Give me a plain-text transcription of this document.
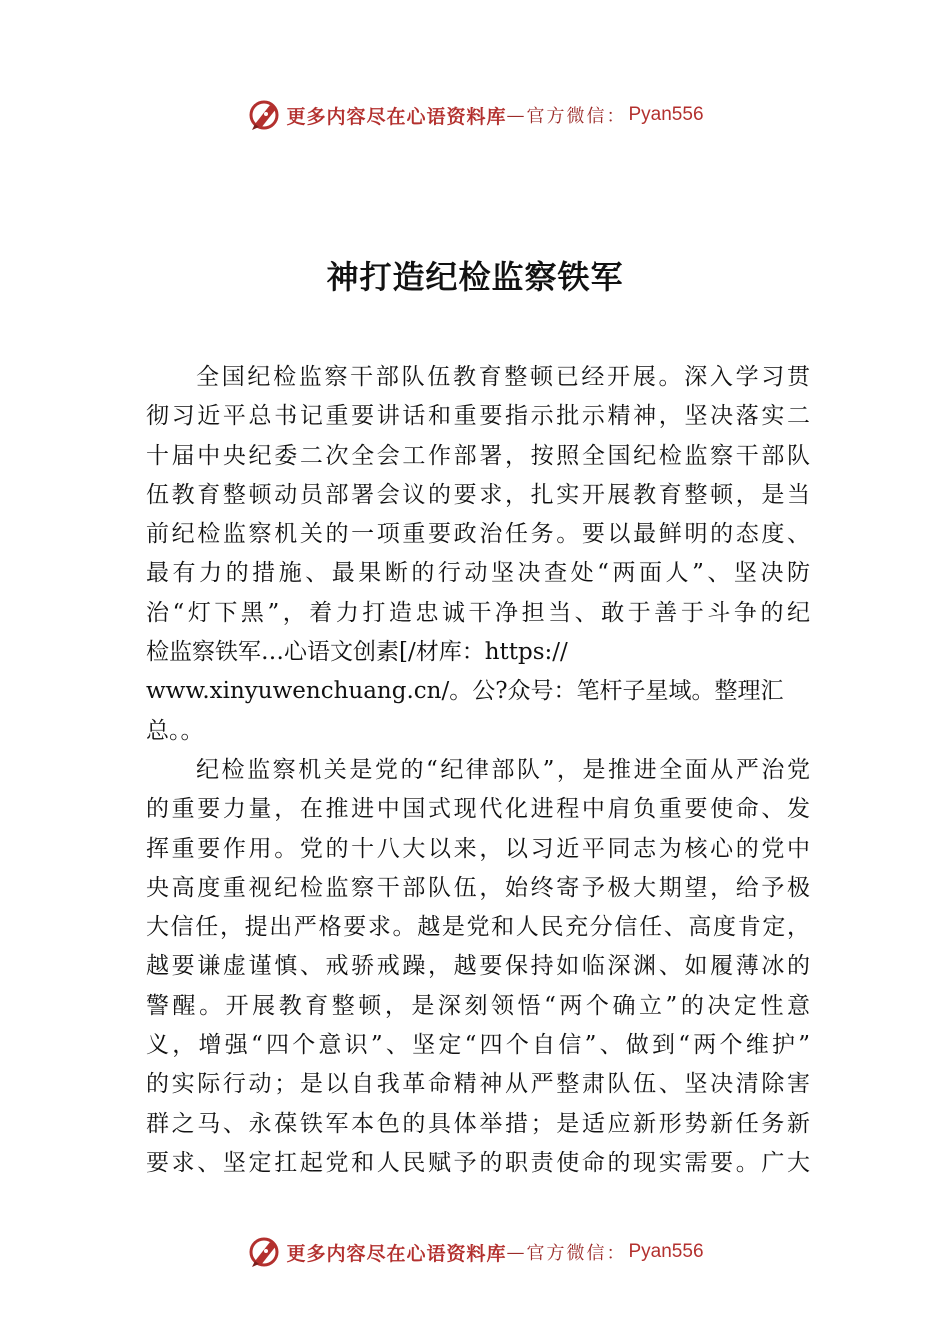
更多内容尽在心语资料库 — 官方微信： Pyan556
神打造纪检监察铁军
全国纪检监察干部队伍教育整顿已经开展。深入学习贯
彻习近平总书记重要讲话和重要指示批示精神，坚决落实二
十届中央纪委二次全会工作部署，按照全国纪检监察干部队
伍教育整顿动员部署会议的要求，扎实开展教育整顿，是当
前纪检监察机关的一项重要政治任务。要以最鲜明的态度、
最有力的措施、最果断的行动坚决查处“两面人”、坚决防
治“灯下黑”，着力打造忠诚干净担当、敢于善于斗争的纪
检监察铁军…心语文创素[/材库：https://
www.xinyuwenchuang.cn/。公?众号：笔杆子星域。整理汇
总。。
纪检监察机关是党的“纪律部队”，是推进全面从严治党
的重要力量，在推进中国式现代化进程中肩负重要使命、发
挥重要作用。党的十八大以来，以习近平同志为核心的党中
央高度重视纪检监察干部队伍，始终寄予极大期望，给予极
大信任，提出严格要求。越是党和人民充分信任、高度肯定，
越要谦虚谨慎、戒骄戒躁，越要保持如临深渊、如履薄冰的
警醒。开展教育整顿，是深刻领悟“两个确立”的决定性意
义，增强“四个意识”、坚定“四个自信”、做到“两个维护”
的实际行动；是以自我革命精神从严整肃队伍、坚决清除害
群之马、永葆铁军本色的具体举措；是适应新形势新任务新
要求、坚定扛起党和人民赋予的职责使命的现实需要。广大
更多内容尽在心语资料库 — 官方微信： Pyan556
